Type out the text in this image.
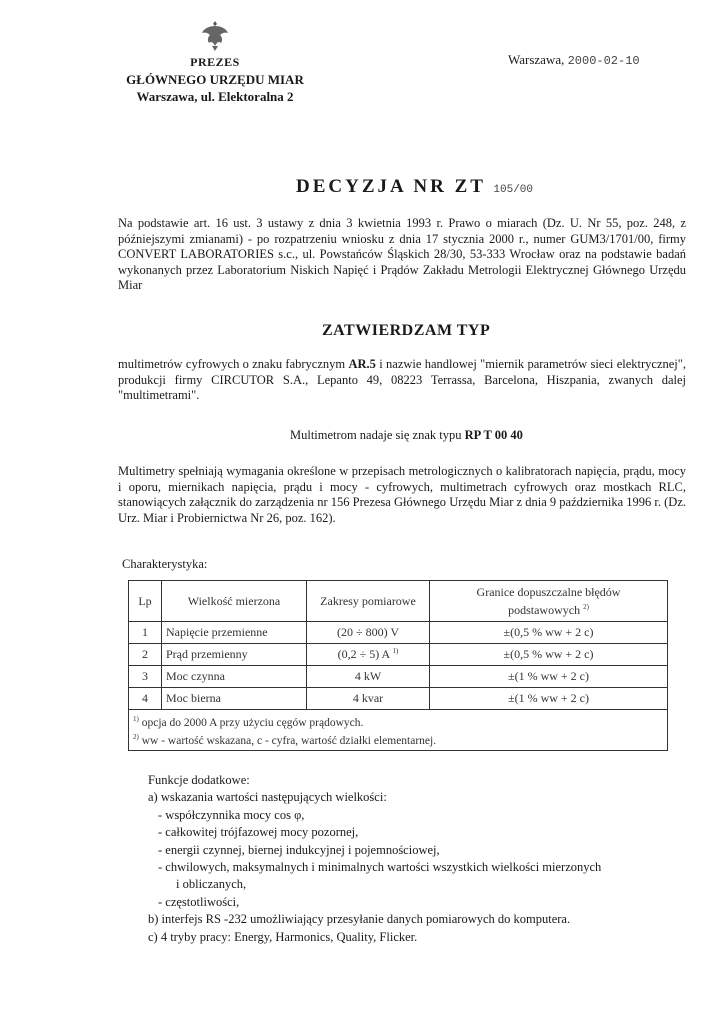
PREZES
GŁÓWNEGO URZĘDU MIAR
Warszawa, ul. Elektoralna 2
Warszawa, 2000-02-10
DECYZJA NR ZT 105/00

Na podstawie art. 16 ust. 3 ustawy z dnia 3 kwietnia 1993 r. Prawo o miarach (Dz. U. Nr 55, poz. 248, z późniejszymi zmianami) - po rozpatrzeniu wniosku z dnia 17 stycznia 2000 r., numer GUM3/1701/00, firmy CONVERT LABORATORIES s.c., ul. Powstańców Śląskich 28/30, 53-333 Wrocław oraz na podstawie badań wykonanych przez Laboratorium Niskich Napięć i Prądów Zakładu Metrologii Elektrycznej Głównego Urzędu Miar

ZATWIERDZAM TYP

multimetrów cyfrowych o znaku fabrycznym AR.5 i nazwie handlowej "miernik parametrów sieci elektrycznej", produkcji firmy CIRCUTOR S.A., Lepanto 49, 08223 Terrassa, Barcelona, Hiszpania, zwanych dalej "multimetrami".

Multimetrom nadaje się znak typu RP T 00 40

Multimetry spełniają wymagania określone w przepisach metrologicznych o kalibratorach napięcia, prądu, mocy i oporu, miernikach napięcia, prądu i mocy - cyfrowych, multimetrach cyfrowych oraz mostkach RLC, stanowiących załącznik do zarządzenia nr 156 Prezesa Głównego Urzędu Miar z dnia 9 października 1996 r. (Dz. Urz. Miar i Probiernictwa Nr 26, poz. 162).

Charakterystyka:
Lp	Wielkość mierzona	Zakresy pomiarowe	Granice dopuszczalne błędów
podstawowych $^{2)}$
1	Napięcie przemienne	(20 ÷ 800) V	±(0,5 % ww + 2 c)
2	Prąd przemienny	(0,2 ÷ 5) A $^{1)}$	±(0,5 % ww + 2 c)
3	Moc czynna	4 kW	±(1 % ww + 2 c)
4	Moc bierna	4 kvar	±(1 % ww + 2 c)

$^{1)}$ opcja do 2000 A przy użyciu cęgów prądowych.
$^{2)}$ ww - wartość wskazana, c - cyfra, wartość działki elementarnej.			
Funkcje dodatkowe:
a) wskazania wartości następujących wielkości:
- współczynnika mocy cos φ,
- całkowitej trójfazowej mocy pozornej,
- energii czynnej, biernej indukcyjnej i pojemnościowej,
- chwilowych, maksymalnych i minimalnych wartości wszystkich wielkości mierzonych
i obliczanych,
- częstotliwości,
b) interfejs RS -232 umożliwiający przesyłanie danych pomiarowych do komputera.
c) 4 tryby pracy: Energy, Harmonics, Quality, Flicker.
